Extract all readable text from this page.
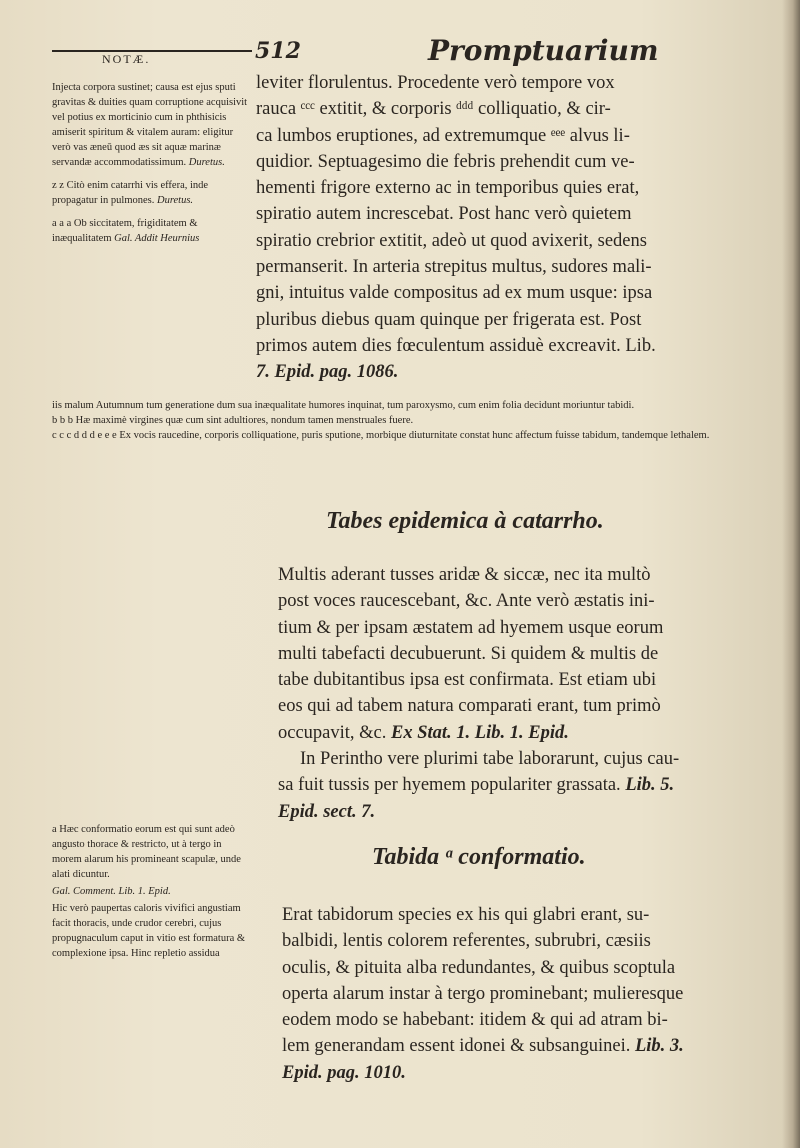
NOTÆ.	512	Promptuarium

Injecta corpora sustinet; causa est ejus sputi gravitas & duities quam corruptione acquisivit vel potius ex morticinio cum in phthisicis amiserit spiritum & vitalem auram: eligitur verò vas æneū quod æs sit aquæ marinæ servandæ accommodatissimum. Duretus.

z z Citò enim catarrhi vis effera, inde propagatur in pulmones. Duretus.

a a a Ob siccitatem, frigiditatem & inæqualitatem Gal. Addit Heurnius

leviter florulentus. Procedente verò tempore vox

rauca ᶜᶜᶜ extitit, & corporis ᵈᵈᵈ colliquatio, & cir-

ca lumbos eruptiones, ad extremumque ᵉᵉᵉ alvus li-

quidior. Septuagesimo die febris prehendit cum ve-

hementi frigore externo ac in temporibus quies erat,

spiratio autem increscebat. Post hanc verò quietem

spiratio crebrior extitit, adeò ut quod avixerit, sedens

permanserit. In arteria strepitus multus, sudores mali-

gni, intuitus valde compositus ad ex mum usque: ipsa

pluribus diebus quam quinque per frigerata est. Post

primos autem dies fœculentum assiduè excreavit. Lib.

7. Epid. pag. 1086.

iis malum Autumnum tum generatione dum sua inæqualitate humores inquinat, tum paroxysmo, cum enim folia decidunt moriuntur tabidi.

b b b Hæ maximè virgines quæ cum sint adultiores, nondum tamen menstruales fuere.

c c c d d d e e e Ex vocis raucedine, corporis colliquatione, puris sputione, morbique diuturnitate constat hunc affectum fuisse tabidum, tandemque lethalem.

Tabes epidemica à catarrho.

Multis aderant tusses aridæ & siccæ, nec ita multò

post voces raucescebant, &c. Ante verò æstatis ini-

tium & per ipsam æstatem ad hyemem usque eorum

multi tabefacti decubuerunt. Si quidem & multis de

tabe dubitantibus ipsa est confirmata. Est etiam ubi

eos qui ad tabem natura comparati erant, tum primò

occupavit, &c. Ex Stat. 1. Lib. 1. Epid.

In Perintho vere plurimi tabe laborarunt, cujus cau-

sa fuit tussis per hyemem populariter grassata. Lib. 5.

Epid. sect. 7.

Tabida ᵃ conformatio.

a Hæc conformatio eorum est qui sunt adeò angusto thorace & restricto, ut à tergo in morem alarum his promineant scapulæ, unde alati dicuntur.

Gal. Comment. Lib. 1. Epid.

Hic verò paupertas caloris vivifici angustiam facit thoracis, unde crudor cerebri, cujus propugnaculum caput in vitio est formatura & complexione ipsa. Hinc repletio assidua

Erat tabidorum species ex his qui glabri erant, su-

balbidi, lentis colorem referentes, subrubri, cæsiis

oculis, & pituita alba redundantes, & quibus scoptula

operta alarum instar à tergo prominebant; mulieresque

eodem modo se habebant: itidem & qui ad atram bi-

lem generandam essent idonei & subsanguinei. Lib. 3.

Epid. pag. 1010.
